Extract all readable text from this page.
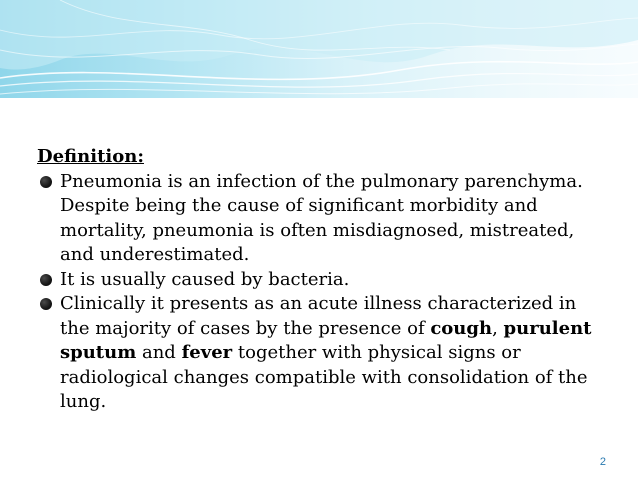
Definition:
Pneumonia is an infection of the pulmonary parenchyma. Despite being the cause of significant morbidity and mortality, pneumonia is often misdiagnosed, mistreated, and underestimated.
It is usually caused by bacteria.
Clinically it presents as an acute illness characterized in the majority of cases by the presence of cough, purulent sputum and fever together with physical signs or radiological changes compatible with consolidation of the lung.
2
